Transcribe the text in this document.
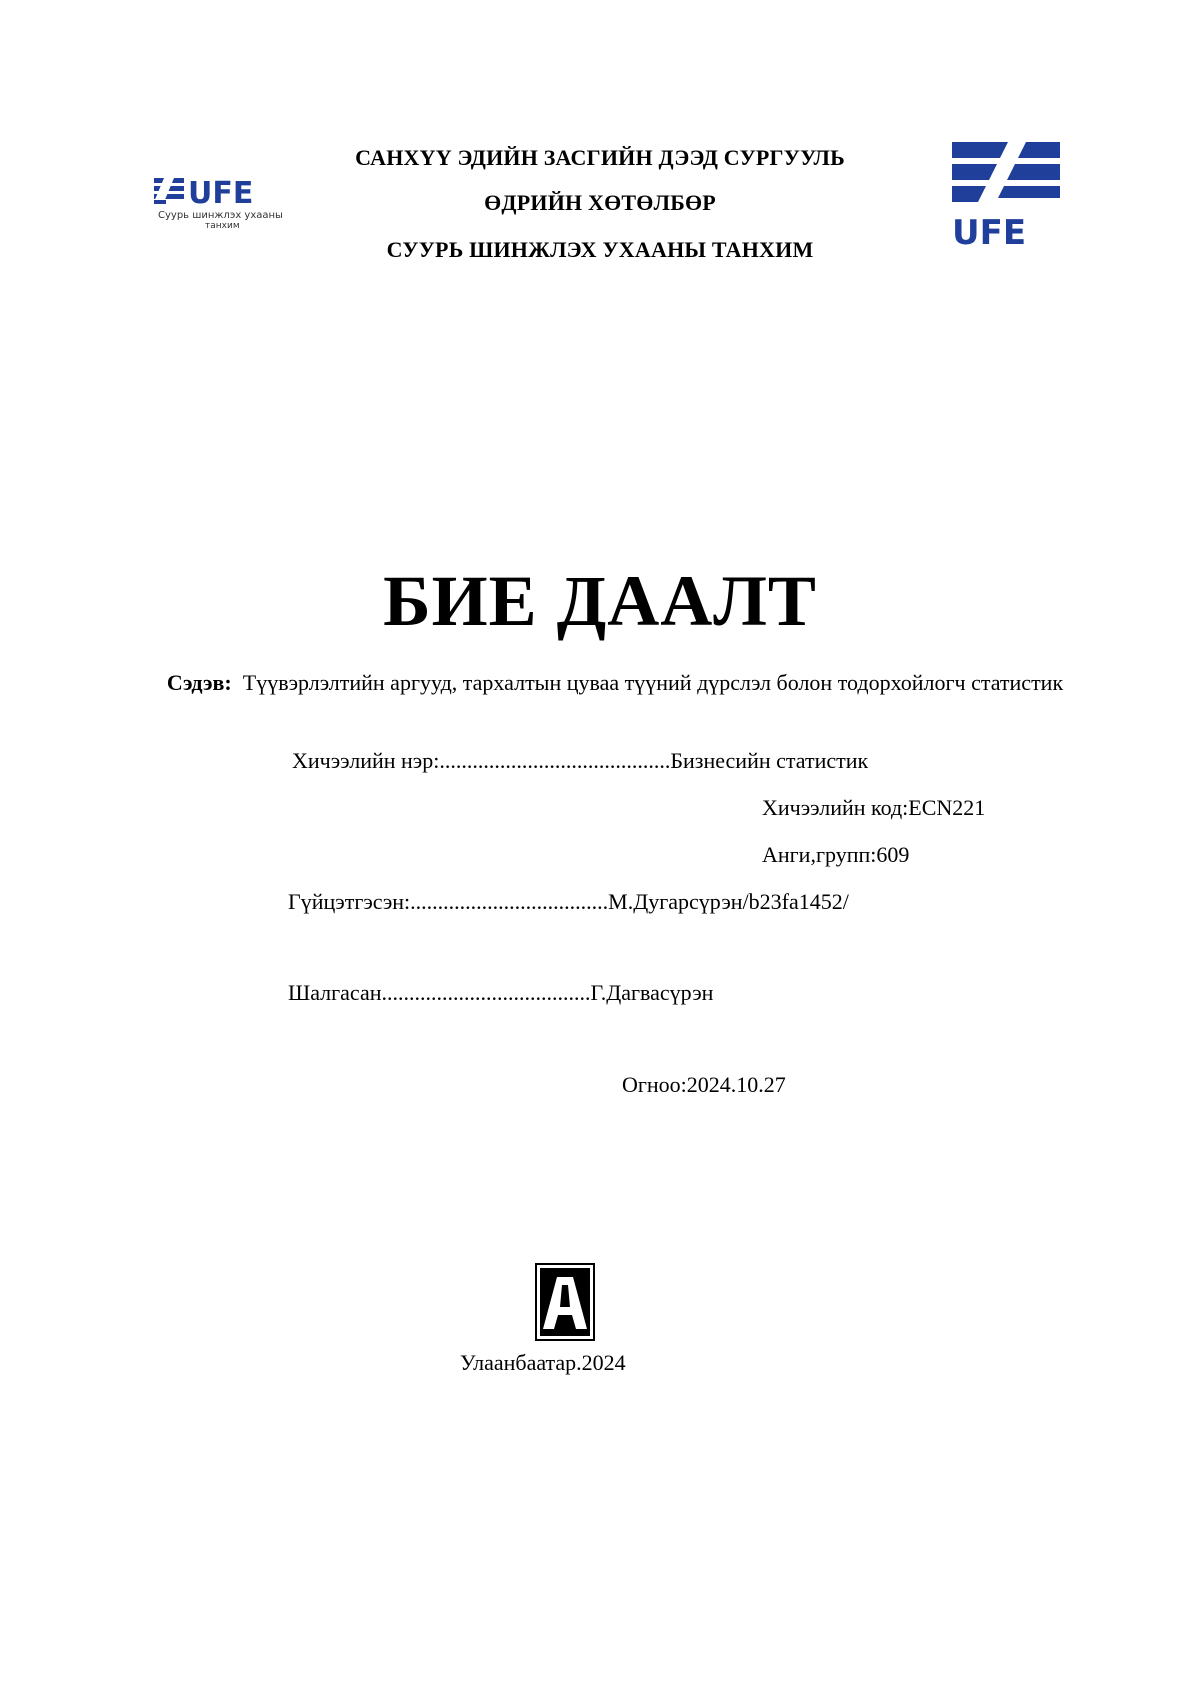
САНХҮҮ ЭДИЙН ЗАСГИЙН ДЭЭД СУРГУУЛЬ
ӨДРИЙН ХӨТӨЛБӨР
СУУРЬ ШИНЖЛЭХ УХААНЫ ТАНХИМ
UFE
Суурь шинжлэх ухааны
танхим	UFE
БИЕ ДААЛТ
Сэдэв: Түүвэрлэлтийн аргууд, тархалтын цуваа түүний дүрслэл болон тодорхойлогч статистик
Хичээлийн нэр:..........................................Бизнесийн статистик
Хичээлийн код:ECN221
Анги,групп:609
Гүйцэтгэсэн:....................................М.Дугарсүрэн/b23fa1452/
Шалгасан......................................Г.Дагвасүрэн
Огноо:2024.10.27
Улаанбаатар.2024
